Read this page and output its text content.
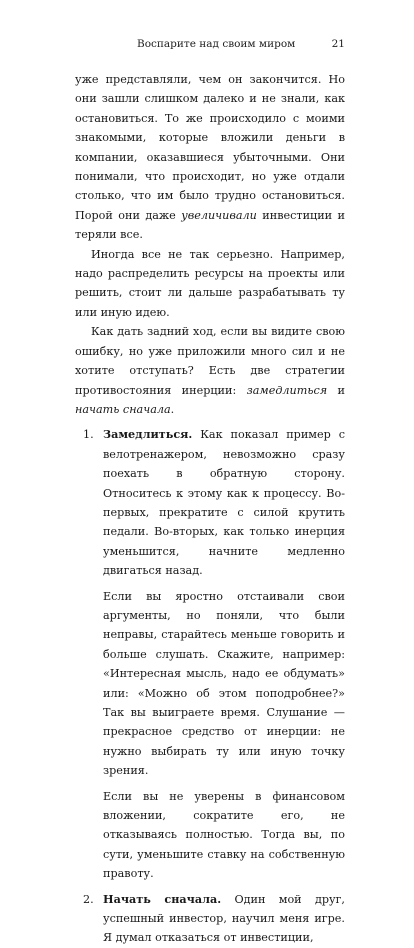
Воспарите над своим миром	21

уже представляли, чем он закончится. Но они зашли слишком далеко и не знали, как остановиться. То же происходило с моими знакомыми, которые вложили деньги в компании, оказавшиеся убыточными. Они понимали, что происходит, но уже отдали столько, что им было трудно остановиться. Порой они даже увеличивали инвестиции и теряли все.

Иногда все не так серьезно. Например, надо распределить ресурсы на проекты или решить, стоит ли дальше разрабатывать ту или иную идею.

Как дать задний ход, если вы видите свою ошибку, но уже приложили много сил и не хотите отступать? Есть две стратегии противостояния инерции: замедлиться и начать сначала.

1. Замедлиться. Как показал пример с велотренажером, невозможно сразу поехать в обратную сторону. Относитесь к этому как к процессу. Во-первых, прекратите с силой крутить педали. Во-вторых, как только инерция уменьшится, начните медленно двигаться назад.

Если вы яростно отстаивали свои аргументы, но поняли, что были неправы, старайтесь меньше говорить и больше слушать. Скажите, например: «Интересная мысль, надо ее обдумать» или: «Можно об этом поподробнее?» Так вы выиграете время. Слушание — прекрасное средство от инерции: не нужно выбирать ту или иную точку зрения.

Если вы не уверены в финансовом вложении, сократите его, не отказываясь полностью. Тогда вы, по сути, уменьшите ставку на собственную правоту.

2. Начать сначала. Один мой друг, успешный инвестор, научил меня игре. Я думал отказаться от инвестиции,
